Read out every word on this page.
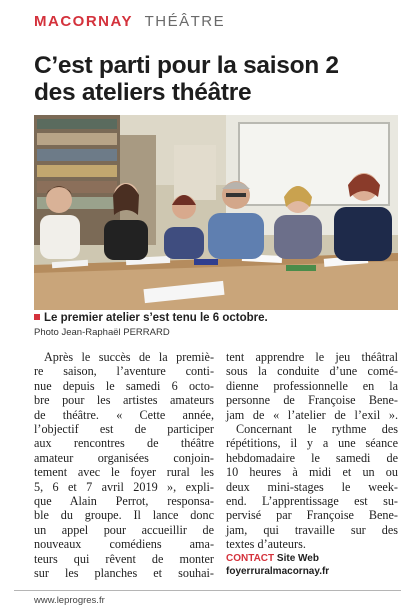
MACORNAY THÉÂTRE
C’est parti pour la saison 2
des ateliers théâtre
Le premier atelier s’est tenu le 6 octobre.
Photo Jean-Raphaël PERRARD
Après le succès de la premiè-
re saison, l’aventure conti-
nue depuis le samedi 6 octo-
bre pour les artistes amateurs
de théâtre. « Cette année,
l’objectif est de participer
aux rencontres de théâtre
amateur organisées conjoin-
tement avec le foyer rural les
5, 6 et 7 avril 2019 », expli-
que Alain Perrot, responsa-
ble du groupe. Il lance donc
un appel pour accueillir de
nouveaux comédiens ama-
teurs qui rêvent de monter
sur les planches et souhai-
tent apprendre le jeu théâtral
sous la conduite d’une comé-
dienne professionnelle en la
personne de Françoise Bene-
jam de « l’atelier de l’exil ».
Concernant le rythme des
répétitions, il y a une séance
hebdomadaire le samedi de
10 heures à midi et un ou
deux mini-stages le week-
end. L’apprentissage est su-
pervisé par Françoise Bene-
jam, qui travaille sur des
textes d’auteurs.
CONTACT Site Web
foyerruralmacornay.fr
www.leprogres.fr
